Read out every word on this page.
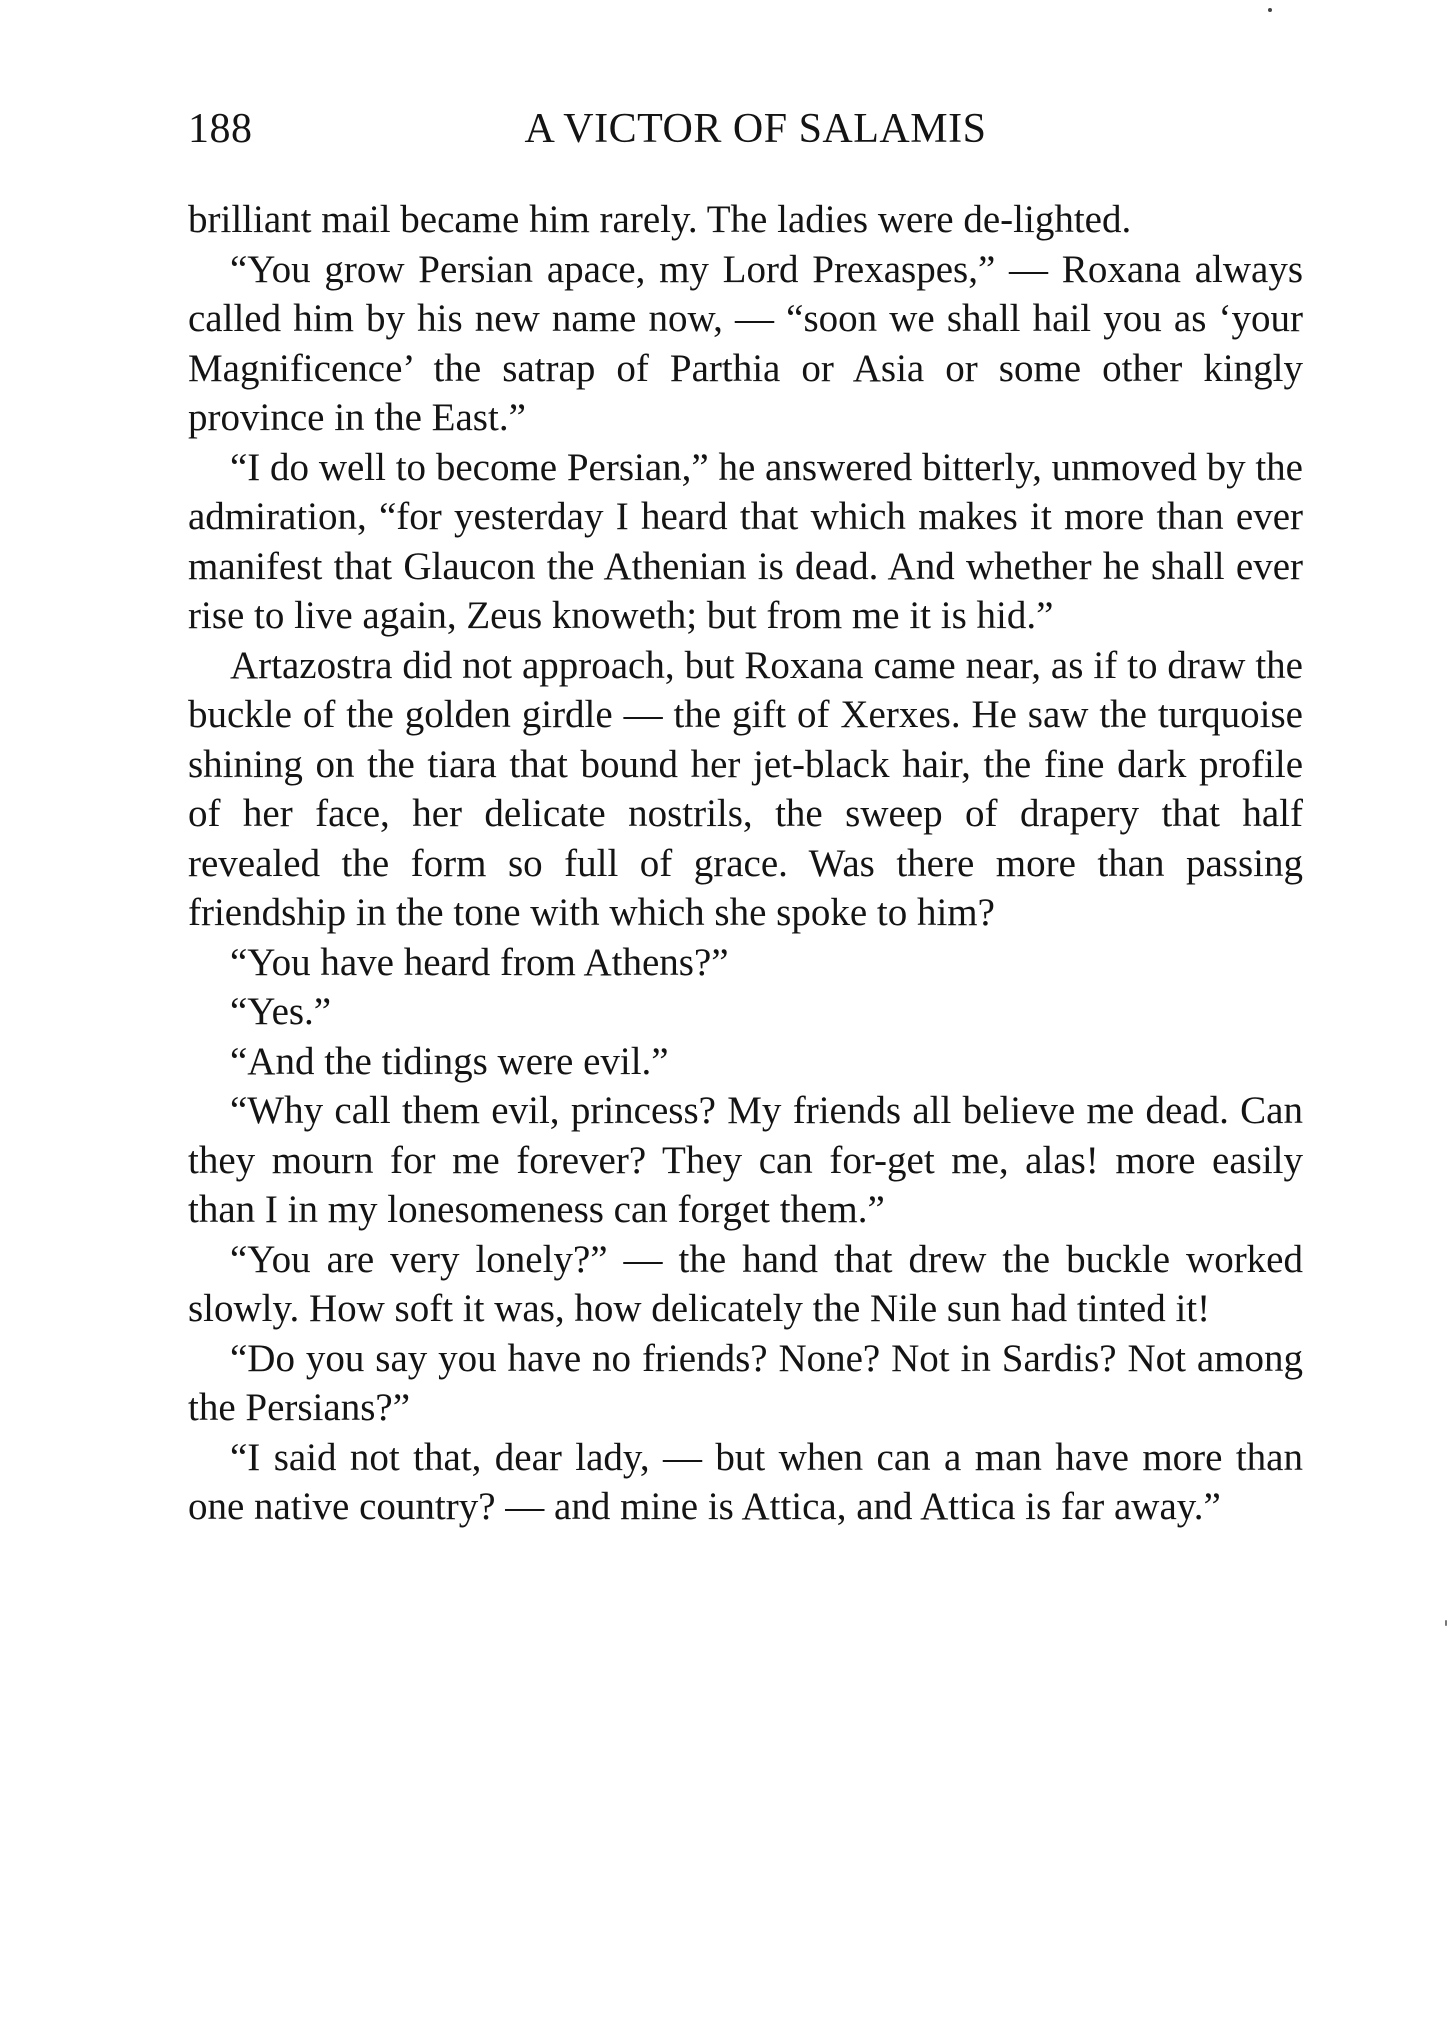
188	A VICTOR OF SALAMIS

brilliant mail became him rarely. The ladies were de-lighted.

“You grow Persian apace, my Lord Prexaspes,” — Roxana always called him by his new name now, — “soon we shall hail you as ‘your Magnificence’ the satrap of Parthia or Asia or some other kingly province in the East.”

“I do well to become Persian,” he answered bitterly, unmoved by the admiration, “for yesterday I heard that which makes it more than ever manifest that Glaucon the Athenian is dead. And whether he shall ever rise to live again, Zeus knoweth; but from me it is hid.”

Artazostra did not approach, but Roxana came near, as if to draw the buckle of the golden girdle — the gift of Xerxes. He saw the turquoise shining on the tiara that bound her jet-black hair, the fine dark profile of her face, her delicate nostrils, the sweep of drapery that half revealed the form so full of grace. Was there more than passing friendship in the tone with which she spoke to him?

“You have heard from Athens?”

“Yes.”

“And the tidings were evil.”

“Why call them evil, princess? My friends all believe me dead. Can they mourn for me forever? They can for-get me, alas! more easily than I in my lonesomeness can forget them.”

“You are very lonely?” — the hand that drew the buckle worked slowly. How soft it was, how delicately the Nile sun had tinted it!

“Do you say you have no friends? None? Not in Sardis? Not among the Persians?”

“I said not that, dear lady, — but when can a man have more than one native country? — and mine is Attica, and Attica is far away.”
